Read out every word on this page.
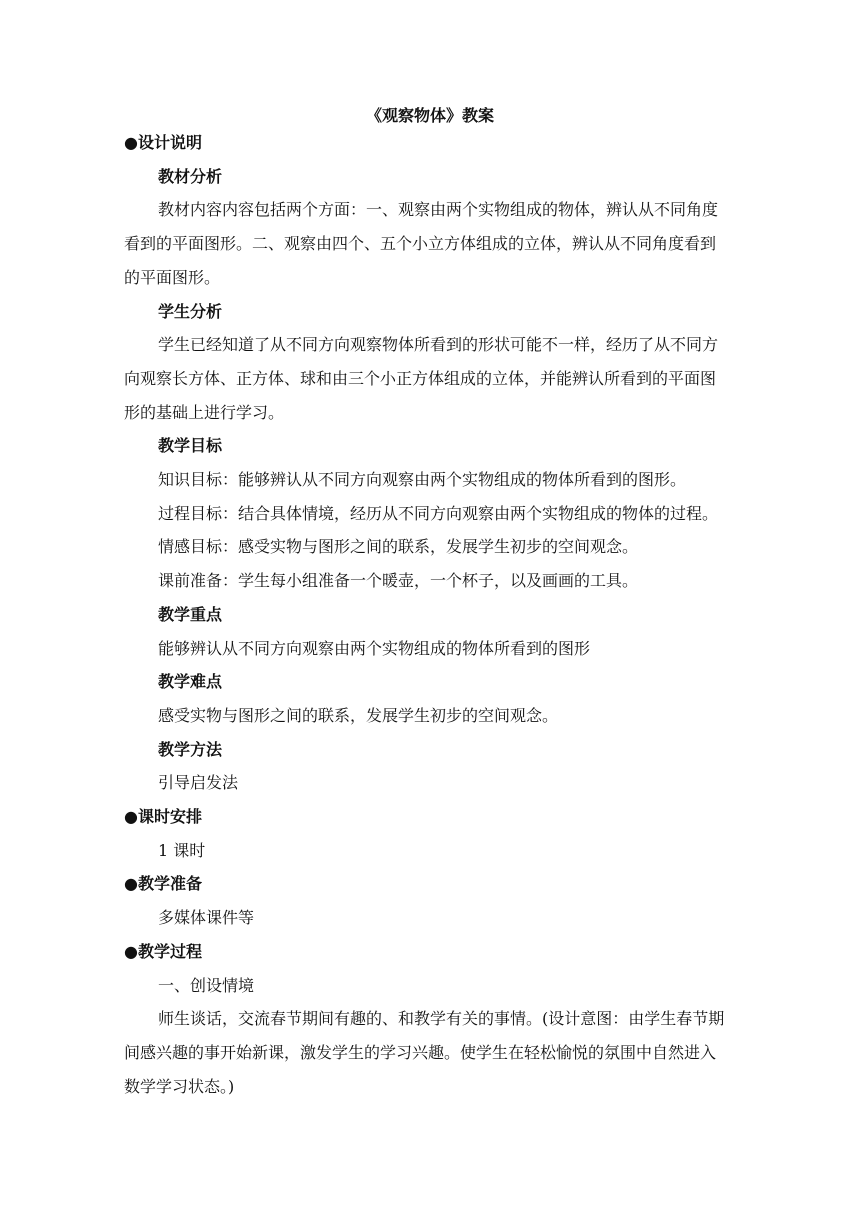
《观察物体》教案
●设计说明
教材分析
教材内容内容包括两个方面：一、观察由两个实物组成的物体，辨认从不同角度
看到的平面图形。二、观察由四个、五个小立方体组成的立体，辨认从不同角度看到
的平面图形。
学生分析
学生已经知道了从不同方向观察物体所看到的形状可能不一样，经历了从不同方
向观察长方体、正方体、球和由三个小正方体组成的立体，并能辨认所看到的平面图
形的基础上进行学习。
教学目标
知识目标：能够辨认从不同方向观察由两个实物组成的物体所看到的图形。
过程目标：结合具体情境，经历从不同方向观察由两个实物组成的物体的过程。
情感目标：感受实物与图形之间的联系，发展学生初步的空间观念。
课前准备：学生每小组准备一个暖壶，一个杯子，以及画画的工具。
教学重点
能够辨认从不同方向观察由两个实物组成的物体所看到的图形
教学难点
感受实物与图形之间的联系，发展学生初步的空间观念。
教学方法
引导启发法
●课时安排
1 课时
●教学准备
多媒体课件等
●教学过程
一、创设情境
师生谈话，交流春节期间有趣的、和教学有关的事情。(设计意图：由学生春节期
间感兴趣的事开始新课，激发学生的学习兴趣。使学生在轻松愉悦的氛围中自然进入
数学学习状态。)
